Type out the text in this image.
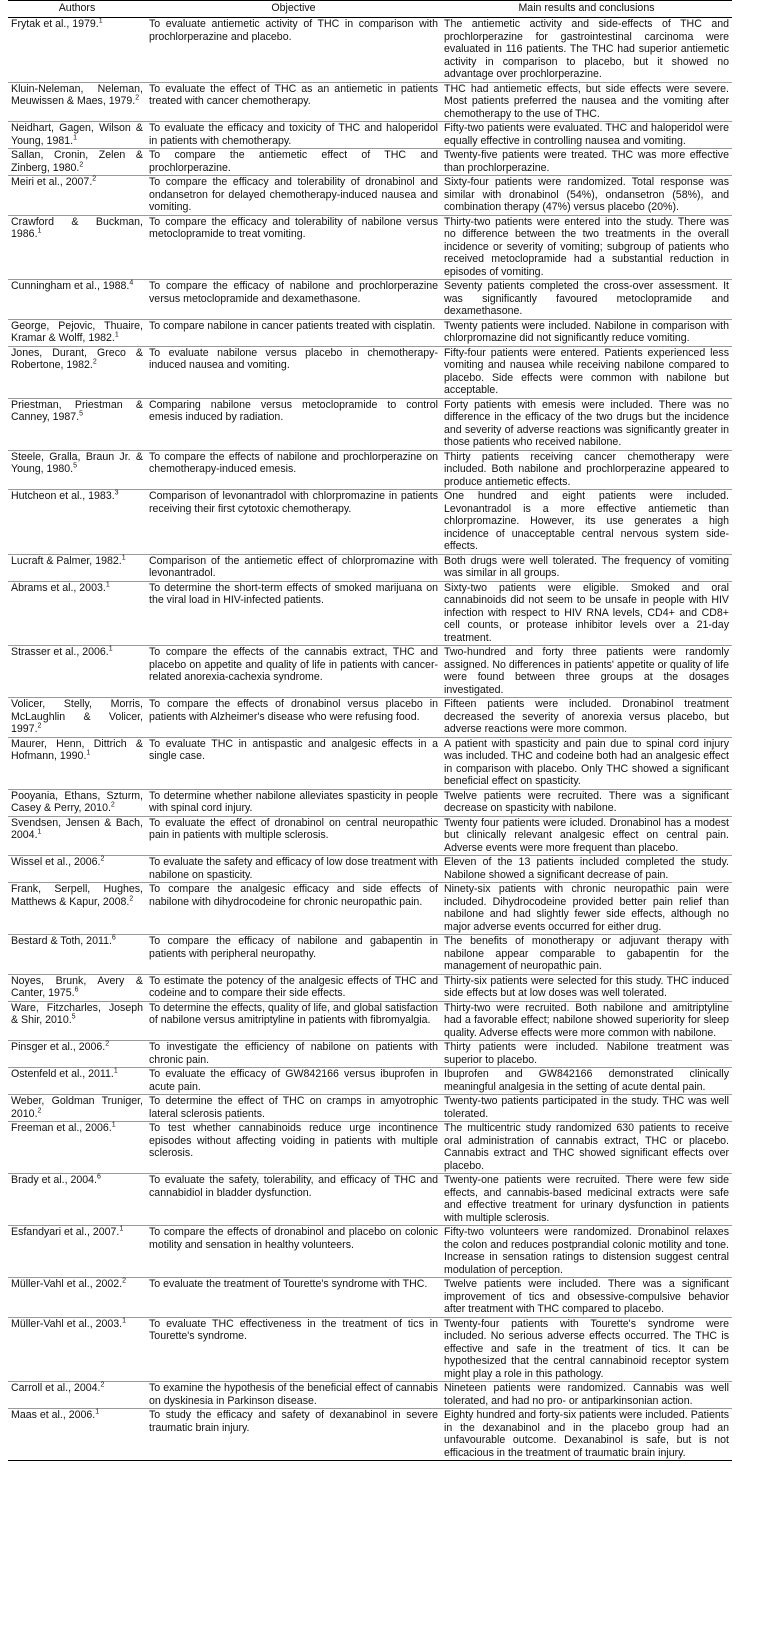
Authors	Objective	Main results and conclusions
Frytak et al., 1979.$^1$	To evaluate antiemetic activity of THC in comparison with prochlorperazine and placebo.	The antiemetic activity and side-effects of THC and prochlorperazine for gastrointestinal carcinoma were evaluated in 116 patients. The THC had superior antiemetic activity in comparison to placebo, but it showed no advantage over prochlorperazine.
Kluin-Neleman, Neleman, Meuwissen & Maes, 1979.$^2$	To evaluate the effect of THC as an antiemetic in patients treated with cancer chemotherapy.	THC had antiemetic effects, but side effects were severe. Most patients preferred the nausea and the vomiting after chemotherapy to the use of THC.
Neidhart, Gagen, Wilson & Young, 1981.$^1$	To evaluate the efficacy and toxicity of THC and haloperidol in patients with chemotherapy.	Fifty-two patients were evaluated. THC and haloperidol were equally effective in controlling nausea and vomiting.
Sallan, Cronin, Zelen & Zinberg, 1980.$^2$	To compare the antiemetic effect of THC and prochlorperazine.	Twenty-five patients were treated. THC was more effective than prochlorperazine.
Meiri et al., 2007.$^2$	To compare the efficacy and tolerability of dronabinol and ondansetron for delayed chemotherapy-induced nausea and vomiting.	Sixty-four patients were randomized. Total response was similar with dronabinol (54%), ondansetron (58%), and combination therapy (47%) versus placebo (20%).
Crawford & Buckman, 1986.$^1$	To compare the efficacy and tolerability of nabilone versus metoclopramide to treat vomiting.	Thirty-two patients were entered into the study. There was no difference between the two treatments in the overall incidence or severity of vomiting; subgroup of patients who received metoclopramide had a substantial reduction in episodes of vomiting.
Cunningham et al., 1988.$^4$	To compare the efficacy of nabilone and prochlorperazine versus metoclopramide and dexamethasone.	Seventy patients completed the cross-over assessment. It was significantly favoured metoclopramide and dexamethasone.
George, Pejovic, Thuaire, Kramar & Wolff, 1982.$^1$	To compare nabilone in cancer patients treated with cisplatin.	Twenty patients were included. Nabilone in comparison with chlorpromazine did not significantly reduce vomiting.
Jones, Durant, Greco & Robertone, 1982.$^2$	To evaluate nabilone versus placebo in chemotherapy-induced nausea and vomiting.	Fifty-four patients were entered. Patients experienced less vomiting and nausea while receiving nabilone compared to placebo. Side effects were common with nabilone but acceptable.
Priestman, Priestman & Canney, 1987.$^5$	Comparing nabilone versus metoclopramide to control emesis induced by radiation.	Forty patients with emesis were included. There was no difference in the efficacy of the two drugs but the incidence and severity of adverse reactions was significantly greater in those patients who received nabilone.
Steele, Gralla, Braun Jr. & Young, 1980.$^5$	To compare the effects of nabilone and prochlorperazine on chemotherapy-induced emesis.	Thirty patients receiving cancer chemotherapy were included. Both nabilone and prochlorperazine appeared to produce antiemetic effects.
Hutcheon et al., 1983.$^3$	Comparison of levonantradol with chlorpromazine in patients receiving their first cytotoxic chemotherapy.	One hundred and eight patients were included. Levonantradol is a more effective antiemetic than chlorpromazine. However, its use generates a high incidence of unacceptable central nervous system side-effects.
Lucraft & Palmer, 1982.$^1$	Comparison of the antiemetic effect of chlorpromazine with levonantradol.	Both drugs were well tolerated. The frequency of vomiting was similar in all groups.
Abrams et al., 2003.$^1$	To determine the short-term effects of smoked marijuana on the viral load in HIV-infected patients.	Sixty-two patients were eligible. Smoked and oral cannabinoids did not seem to be unsafe in people with HIV infection with respect to HIV RNA levels, CD4+ and CD8+ cell counts, or protease inhibitor levels over a 21-day treatment.
Strasser et al., 2006.$^1$	To compare the effects of the cannabis extract, THC and placebo on appetite and quality of life in patients with cancer-related anorexia-cachexia syndrome.	Two-hundred and forty three patients were randomly assigned. No differences in patients' appetite or quality of life were found between three groups at the dosages investigated.
Volicer, Stelly, Morris, McLaughlin & Volicer, 1997.$^2$	To compare the effects of dronabinol versus placebo in patients with Alzheimer's disease who were refusing food.	Fifteen patients were included. Dronabinol treatment decreased the severity of anorexia versus placebo, but adverse reactions were more common.
Maurer, Henn, Dittrich & Hofmann, 1990.$^1$	To evaluate THC in antispastic and analgesic effects in a single case.	A patient with spasticity and pain due to spinal cord injury was included. THC and codeine both had an analgesic effect in comparison with placebo. Only THC showed a significant beneficial effect on spasticity.
Pooyania, Ethans, Szturm, Casey & Perry, 2010.$^2$	To determine whether nabilone alleviates spasticity in people with spinal cord injury.	Twelve patients were recruited. There was a significant decrease on spasticity with nabilone.
Svendsen, Jensen & Bach, 2004.$^1$	To evaluate the effect of dronabinol on central neuropathic pain in patients with multiple sclerosis.	Twenty four patients were icluded. Dronabinol has a modest but clinically relevant analgesic effect on central pain. Adverse events were more frequent than placebo.
Wissel et al., 2006.$^2$	To evaluate the safety and efficacy of low dose treatment with nabilone on spasticity.	Eleven of the 13 patients included completed the study. Nabilone showed a significant decrease of pain.
Frank, Serpell, Hughes, Matthews & Kapur, 2008.$^2$	To compare the analgesic efficacy and side effects of nabilone with dihydrocodeine for chronic neuropathic pain.	Ninety-six patients with chronic neuropathic pain were included. Dihydrocodeine provided better pain relief than nabilone and had slightly fewer side effects, although no major adverse events occurred for either drug.
Bestard & Toth, 2011.$^6$	To compare the efficacy of nabilone and gabapentin in patients with peripheral neuropathy.	The benefits of monotherapy or adjuvant therapy with nabilone appear comparable to gabapentin for the management of neuropathic pain.
Noyes, Brunk, Avery & Canter, 1975.$^6$	To estimate the potency of the analgesic effects of THC and codeine and to compare their side effects.	Thirty-six patients were selected for this study. THC induced side effects but at low doses was well tolerated.
Ware, Fitzcharles, Joseph & Shir, 2010.$^5$	To determine the effects, quality of life, and global satisfaction of nabilone versus amitriptyline in patients with fibromyalgia.	Thirty-two were recruited. Both nabilone and amitriptyline had a favorable effect; nabilone showed superiority for sleep quality. Adverse effects were more common with nabilone.
Pinsger et al., 2006.$^2$	To investigate the efficiency of nabilone on patients with chronic pain.	Thirty patients were included. Nabilone treatment was superior to placebo.
Ostenfeld et al., 2011.$^1$	To evaluate the efficacy of GW842166 versus ibuprofen in acute pain.	Ibuprofen and GW842166 demonstrated clinically meaningful analgesia in the setting of acute dental pain.
Weber, Goldman Truniger, 2010.$^2$	To determine the effect of THC on cramps in amyotrophic lateral sclerosis patients.	Twenty-two patients participated in the study. THC was well tolerated.
Freeman et al., 2006.$^1$	To test whether cannabinoids reduce urge incontinence episodes without affecting voiding in patients with multiple sclerosis.	The multicentric study randomized 630 patients to receive oral administration of cannabis extract, THC or placebo. Cannabis extract and THC showed significant effects over placebo.
Brady et al., 2004.$^6$	To evaluate the safety, tolerability, and efficacy of THC and cannabidiol in bladder dysfunction.	Twenty-one patients were recruited. There were few side effects, and cannabis-based medicinal extracts were safe and effective treatment for urinary dysfunction in patients with multiple sclerosis.
Esfandyari et al., 2007.$^1$	To compare the effects of dronabinol and placebo on colonic motility and sensation in healthy volunteers.	Fifty-two volunteers were randomized. Dronabinol relaxes the colon and reduces postprandial colonic motility and tone. Increase in sensation ratings to distension suggest central modulation of perception.
Müller-Vahl et al., 2002.$^2$	To evaluate the treatment of Tourette's syndrome with THC.	Twelve patients were included. There was a significant improvement of tics and obsessive-compulsive behavior after treatment with THC compared to placebo.
Müller-Vahl et al., 2003.$^1$	To evaluate THC effectiveness in the treatment of tics in Tourette's syndrome.	Twenty-four patients with Tourette's syndrome were included. No serious adverse effects occurred. The THC is effective and safe in the treatment of tics. It can be hypothesized that the central cannabinoid receptor system might play a role in this pathology.
Carroll et al., 2004.$^2$	To examine the hypothesis of the beneficial effect of cannabis on dyskinesia in Parkinson disease.	Nineteen patients were randomized. Cannabis was well tolerated, and had no pro- or antiparkinsonian action.
Maas et al., 2006.$^1$	To study the efficacy and safety of dexanabinol in severe traumatic brain injury.	Eighty hundred and forty-six patients were included. Patients in the dexanabinol and in the placebo group had an unfavourable outcome. Dexanabinol is safe, but is not efficacious in the treatment of traumatic brain injury.
